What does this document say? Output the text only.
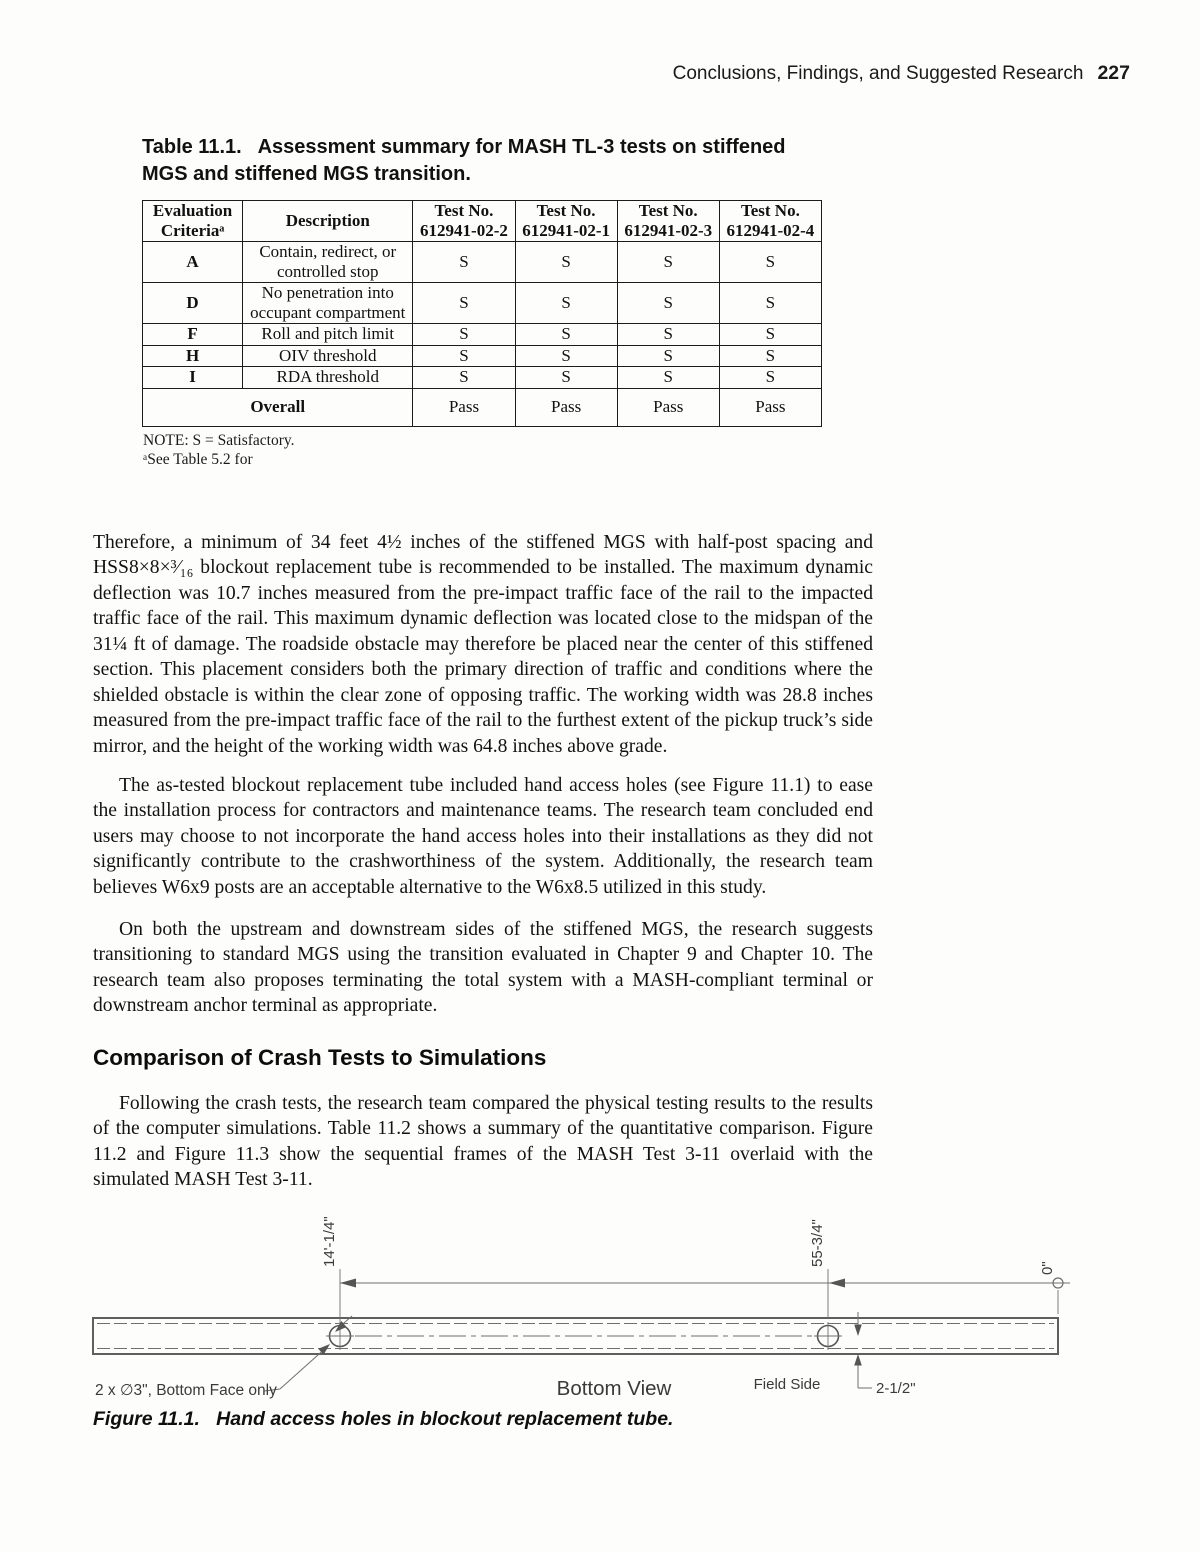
Conclusions, Findings, and Suggested Research 227
Table 11.1.   Assessment summary for MASH TL-3 tests on stiffened MGS and stiffened MGS transition.
Evaluation Criteriaᵃ	Description	Test No. 612941-02-2	Test No. 612941-02-1	Test No. 612941-02-3	Test No. 612941-02-4
A	Contain, redirect, or controlled stop	S	S	S	S
D	No penetration into occupant compartment	S	S	S	S
F	Roll and pitch limit	S	S	S	S
H	OIV threshold	S	S	S	S
I	RDA threshold	S	S	S	S
Overall		Pass	Pass	Pass	Pass
NOTE: S = Satisfactory.
ᵃSee Table 5.2 for

Therefore, a minimum of 34 feet 4½ inches of the stiffened MGS with half-post spacing and HSS8×8×³⁄₁₆ blockout replacement tube is recommended to be installed. The maximum dynamic deflection was 10.7 inches measured from the pre-impact traffic face of the rail to the impacted traffic face of the rail. This maximum dynamic deflection was located close to the midspan of the 31¼ ft of damage. The roadside obstacle may therefore be placed near the center of this stiffened section. This placement considers both the primary direction of traffic and conditions where the shielded obstacle is within the clear zone of opposing traffic. The working width was 28.8 inches measured from the pre-impact traffic face of the rail to the furthest extent of the pickup truck’s side mirror, and the height of the working width was 64.8 inches above grade.

The as-tested blockout replacement tube included hand access holes (see Figure 11.1) to ease the installation process for contractors and maintenance teams. The research team concluded end users may choose to not incorporate the hand access holes into their installations as they did not significantly contribute to the crashworthiness of the system. Additionally, the research team believes W6x9 posts are an acceptable alternative to the W6x8.5 utilized in this study.

On both the upstream and downstream sides of the stiffened MGS, the research suggests transitioning to standard MGS using the transition evaluated in Chapter 9 and Chapter 10. The research team also proposes terminating the total system with a MASH-compliant terminal or downstream anchor terminal as appropriate.

Comparison of Crash Tests to Simulations

Following the crash tests, the research team compared the physical testing results to the results of the computer simulations. Table 11.2 shows a summary of the quantitative comparison. Figure 11.2 and Figure 11.3 show the sequential frames of the MASH Test 3-11 overlaid with the simulated MASH Test 3-11.

14'-1/4"	55-3/4"
0"
2-1/2"
2 x ∅3", Bottom Face only	Bottom View	Field Side
Figure 11.1.   Hand access holes in blockout replacement tube.
